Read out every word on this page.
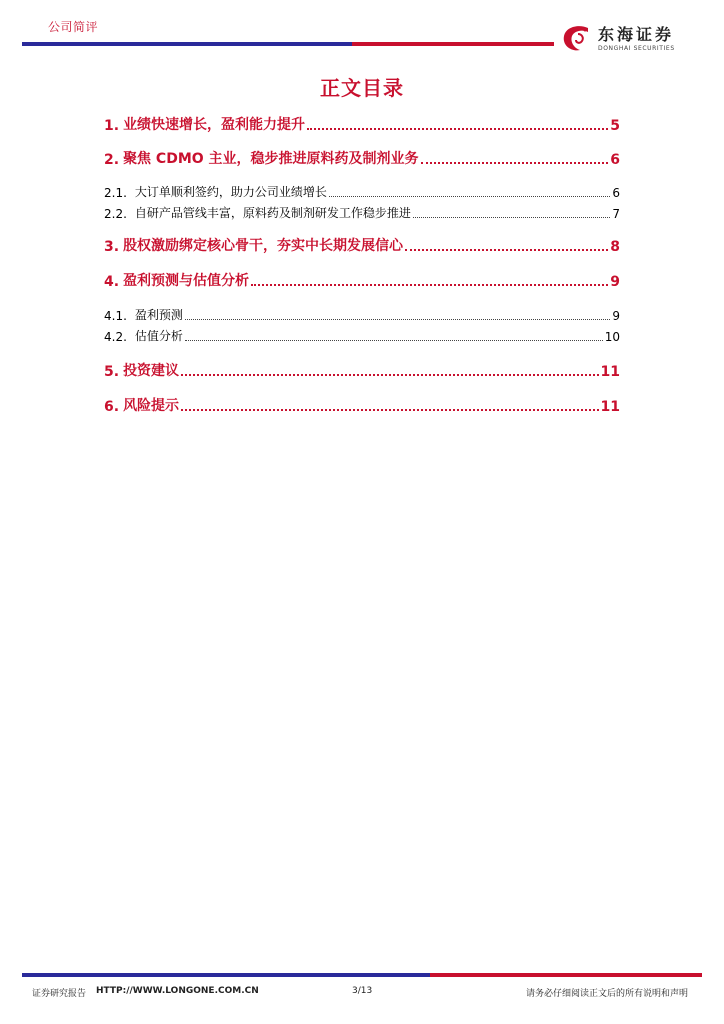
公司简评	东海证券
DONGHAI SECURITIES
正文目录
1. 业绩快速增长，盈利能力提升	5
2. 聚焦 CDMO 主业，稳步推进原料药及制剂业务	6
2.1. 大订单顺利签约，助力公司业绩增长	6
2.2. 自研产品管线丰富，原料药及制剂研发工作稳步推进	7
3. 股权激励绑定核心骨干，夯实中长期发展信心	8
4. 盈利预测与估值分析	9
4.1. 盈利预测	9
4.2. 估值分析	10
5. 投资建议	11
6. 风险提示	11
证券研究报告 HTTP://WWW.LONGONE.COM.CN	3/13	请务必仔细阅读正文后的所有说明和声明
